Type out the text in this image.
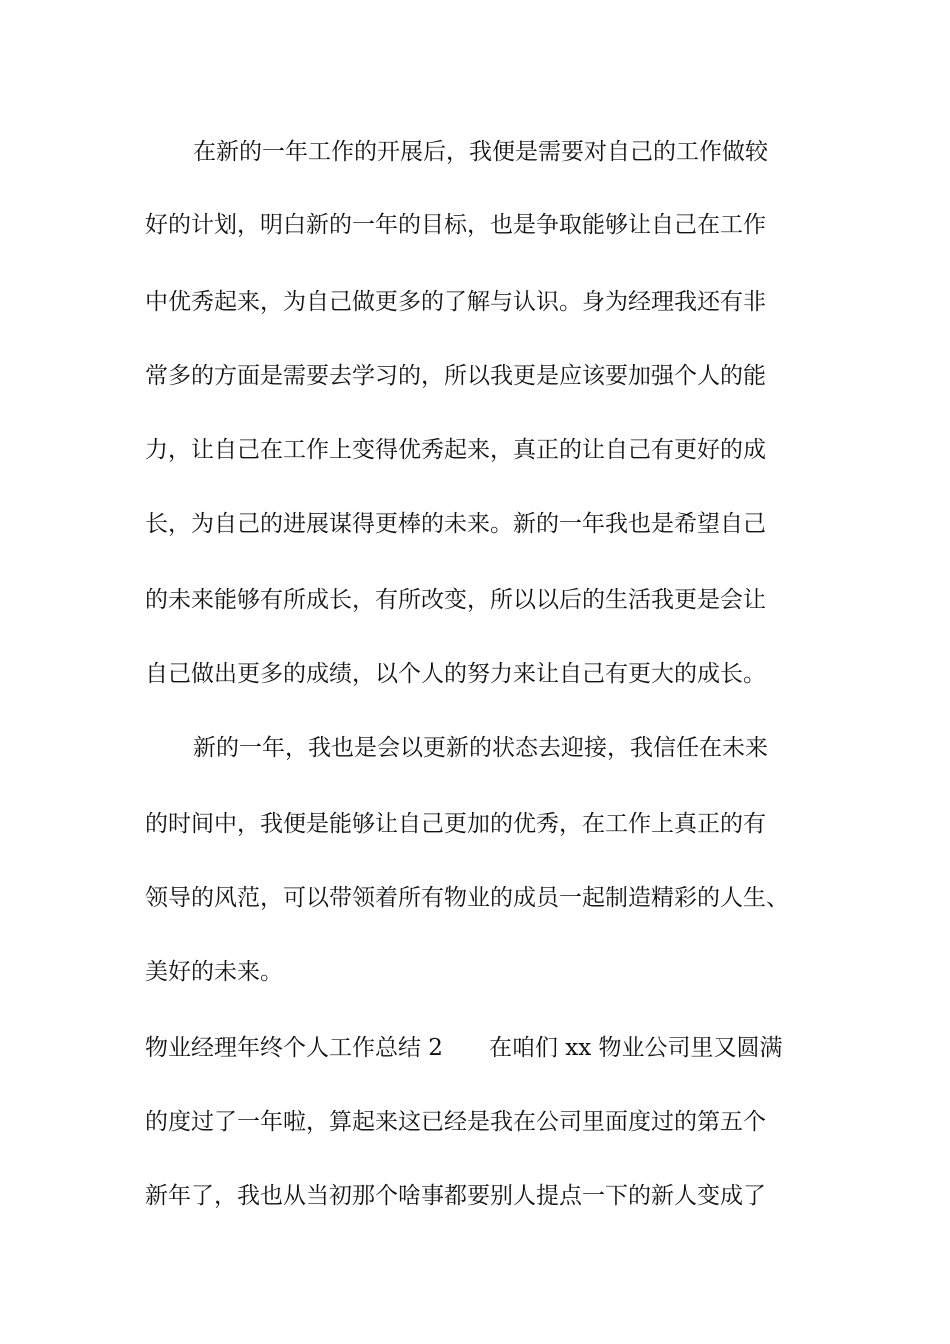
在新的一年工作的开展后，我便是需要对自己的工作做较
好的计划，明白新的一年的目标，也是争取能够让自己在工作
中优秀起来，为自己做更多的了解与认识。身为经理我还有非
常多的方面是需要去学习的，所以我更是应该要加强个人的能
力，让自己在工作上变得优秀起来，真正的让自己有更好的成
长，为自己的进展谋得更棒的未来。新的一年我也是希望自己
的未来能够有所成长，有所改变，所以以后的生活我更是会让
自己做出更多的成绩，以个人的努力来让自己有更大的成长。
新的一年，我也是会以更新的状态去迎接，我信任在未来
的时间中，我便是能够让自己更加的优秀，在工作上真正的有
领导的风范，可以带领着所有物业的成员一起制造精彩的人生、
美好的未来。
物业经理年终个人工作总结 2　　在咱们 xx 物业公司里又圆满
的度过了一年啦，算起来这已经是我在公司里面度过的第五个
新年了，我也从当初那个啥事都要别人提点一下的新人变成了
